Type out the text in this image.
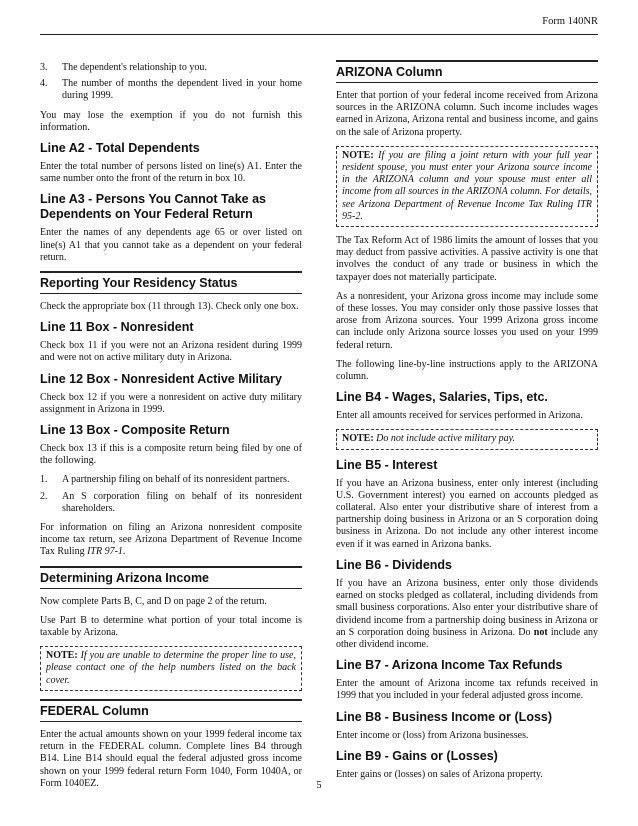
Form 140NR
3. The dependent's relationship to you.
4. The number of months the dependent lived in your home during 1999.

You may lose the exemption if you do not furnish this information.

Line A2 - Total Dependents

Enter the total number of persons listed on line(s) A1. Enter the same number onto the front of the return in box 10.

Line A3 - Persons You Cannot Take as Dependents on Your Federal Return

Enter the names of any dependents age 65 or over listed on line(s) A1 that you cannot take as a dependent on your federal return.

Reporting Your Residency Status

Check the appropriate box (11 through 13). Check only one box.

Line 11 Box - Nonresident

Check box 11 if you were not an Arizona resident during 1999 and were not on active military duty in Arizona.

Line 12 Box - Nonresident Active Military

Check box 12 if you were a nonresident on active duty military assignment in Arizona in 1999.

Line 13 Box - Composite Return

Check box 13 if this is a composite return being filed by one of the following.

1. A partnership filing on behalf of its nonresident partners.
2. An S corporation filing on behalf of its nonresident shareholders.

For information on filing an Arizona nonresident composite income tax return, see Arizona Department of Revenue Income Tax Ruling ITR 97-1.

Determining Arizona Income

Now complete Parts B, C, and D on page 2 of the return.

Use Part B to determine what portion of your total income is taxable by Arizona.

NOTE: If you are unable to determine the proper line to use, please contact one of the help numbers listed on the back cover.
FEDERAL Column

Enter the actual amounts shown on your 1999 federal income tax return in the FEDERAL column. Complete lines B4 through B14. Line B14 should equal the federal adjusted gross income shown on your 1999 federal return Form 1040, Form 1040A, or Form 1040EZ.

ARIZONA Column

Enter that portion of your federal income received from Arizona sources in the ARIZONA column. Such income includes wages earned in Arizona, Arizona rental and business income, and gains on the sale of Arizona property.

NOTE: If you are filing a joint return with your full year resident spouse, you must enter your Arizona source income in the ARIZONA column and your spouse must enter all income from all sources in the ARIZONA column. For details, see Arizona Department of Revenue Income Tax Ruling ITR 95-2.

The Tax Reform Act of 1986 limits the amount of losses that you may deduct from passive activities. A passive activity is one that involves the conduct of any trade or business in which the taxpayer does not materially participate.

As a nonresident, your Arizona gross income may include some of these losses. You may consider only those passive losses that arose from Arizona sources. Your 1999 Arizona gross income can include only Arizona source losses you used on your 1999 federal return.

The following line-by-line instructions apply to the ARIZONA column.

Line B4 - Wages, Salaries, Tips, etc.

Enter all amounts received for services performed in Arizona.

NOTE: Do not include active military pay.
Line B5 - Interest

If you have an Arizona business, enter only interest (including U.S. Government interest) you earned on accounts pledged as collateral. Also enter your distributive share of interest from a partnership doing business in Arizona or an S corporation doing business in Arizona. Do not include any other interest income even if it was earned in Arizona banks.

Line B6 - Dividends

If you have an Arizona business, enter only those dividends earned on stocks pledged as collateral, including dividends from small business corporations. Also enter your distributive share of dividend income from a partnership doing business in Arizona or an S corporation doing business in Arizona. Do not include any other dividend income.

Line B7 - Arizona Income Tax Refunds

Enter the amount of Arizona income tax refunds received in 1999 that you included in your federal adjusted gross income.

Line B8 - Business Income or (Loss)

Enter income or (loss) from Arizona businesses.

Line B9 - Gains or (Losses)

Enter gains or (losses) on sales of Arizona property.

5
